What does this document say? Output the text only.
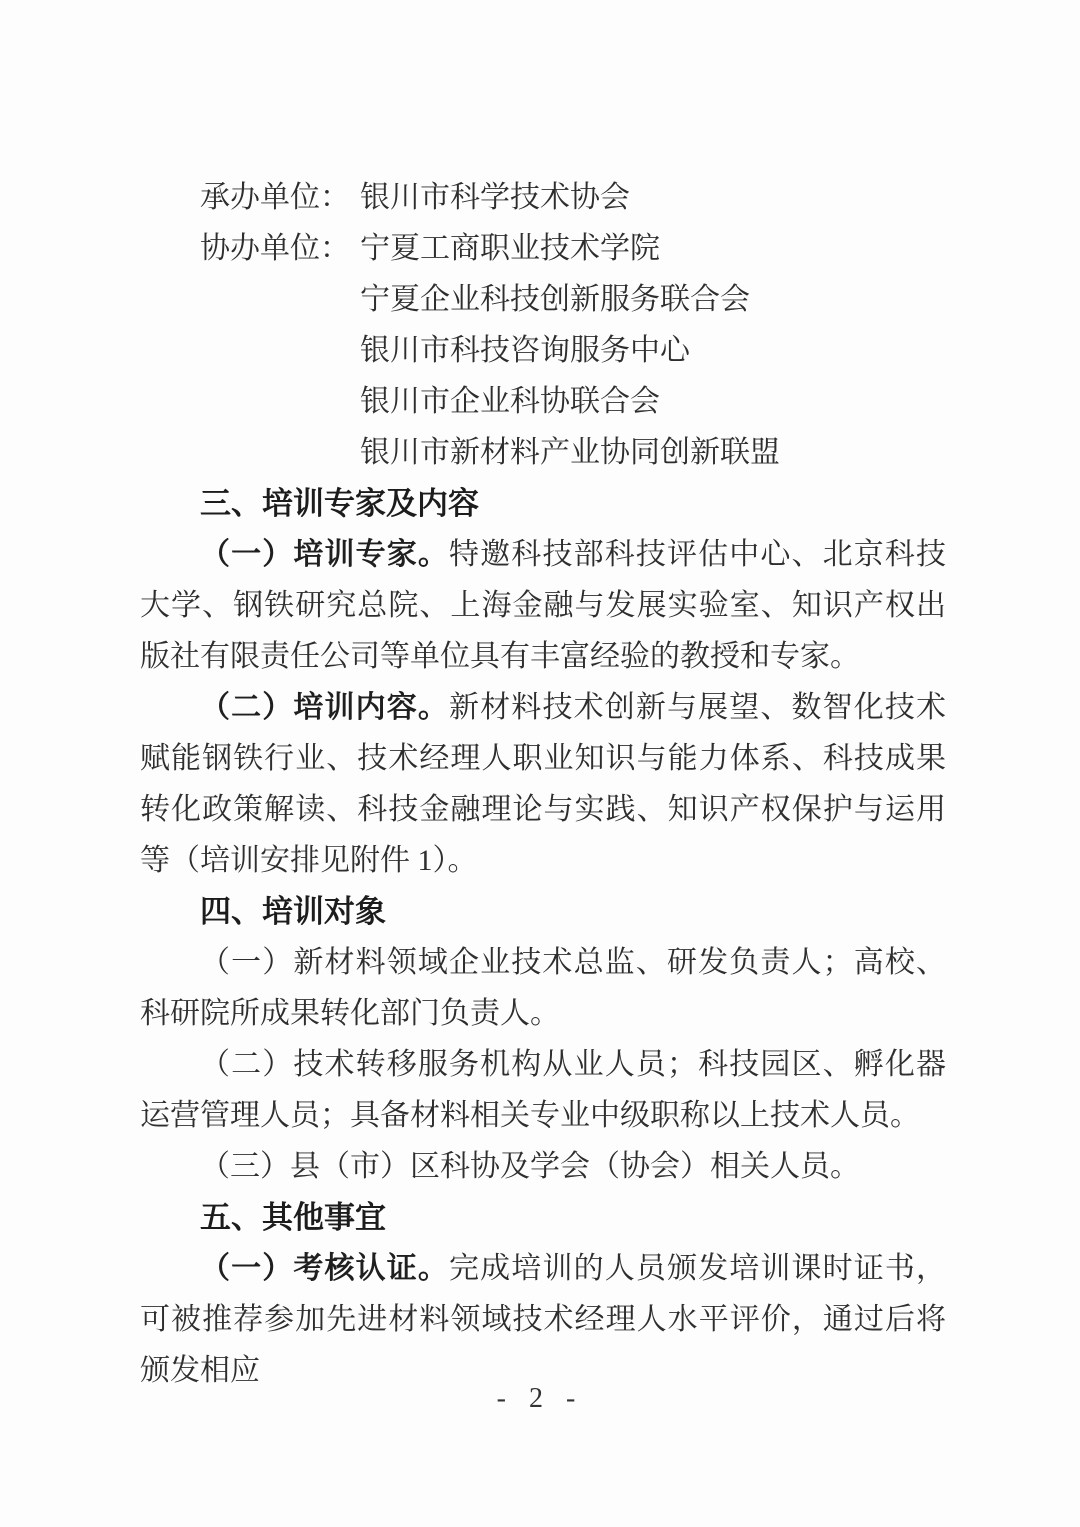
承办单位： 银川市科学技术协会
协办单位： 宁夏工商职业技术学院
宁夏企业科技创新服务联合会
银川市科技咨询服务中心
银川市企业科协联合会
银川市新材料产业协同创新联盟
三、培训专家及内容

（一）培训专家。特邀科技部科技评估中心、北京科技大学、钢铁研究总院、上海金融与发展实验室、知识产权出版社有限责任公司等单位具有丰富经验的教授和专家。

（二）培训内容。新材料技术创新与展望、数智化技术赋能钢铁行业、技术经理人职业知识与能力体系、科技成果转化政策解读、科技金融理论与实践、知识产权保护与运用等（培训安排见附件 1）。

四、培训对象

（一）新材料领域企业技术总监、研发负责人；高校、科研院所成果转化部门负责人。

（二）技术转移服务机构从业人员；科技园区、孵化器运营管理人员；具备材料相关专业中级职称以上技术人员。

（三）县（市）区科协及学会（协会）相关人员。

五、其他事宜

（一）考核认证。完成培训的人员颁发培训课时证书，可被推荐参加先进材料领域技术经理人水平评价，通过后将颁发相应

- 2 -
